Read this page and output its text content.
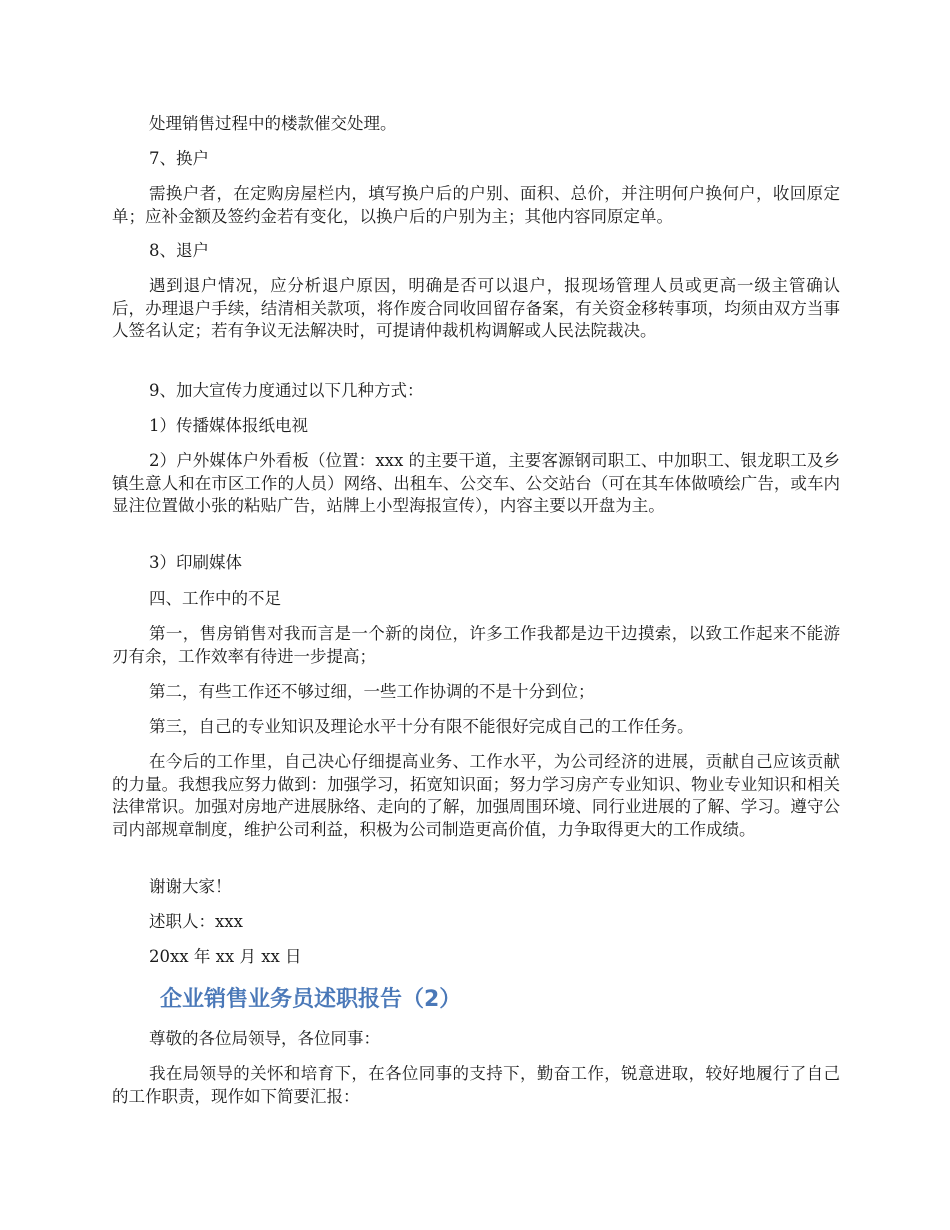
处理销售过程中的楼款催交处理。

7、换户

需换户者，在定购房屋栏内，填写换户后的户别、面积、总价，并注明何户换何户，收回原定单；应补金额及签约金若有变化，以换户后的户别为主；其他内容同原定单。

8、退户

遇到退户情况，应分析退户原因，明确是否可以退户，报现场管理人员或更高一级主管确认后，办理退户手续，结清相关款项，将作废合同收回留存备案，有关资金移转事项，均须由双方当事人签名认定；若有争议无法解决时，可提请仲裁机构调解或人民法院裁决。

9、加大宣传力度通过以下几种方式：

1）传播媒体报纸电视

2）户外媒体户外看板（位置：xxx 的主要干道，主要客源钢司职工、中加职工、银龙职工及乡镇生意人和在市区工作的人员）网络、出租车、公交车、公交站台（可在其车体做喷绘广告，或车内显注位置做小张的粘贴广告，站牌上小型海报宣传），内容主要以开盘为主。

3）印刷媒体

四、工作中的不足

第一，售房销售对我而言是一个新的岗位，许多工作我都是边干边摸索，以致工作起来不能游刃有余，工作效率有待进一步提高；

第二，有些工作还不够过细，一些工作协调的不是十分到位；

第三，自己的专业知识及理论水平十分有限不能很好完成自己的工作任务。

在今后的工作里，自己决心仔细提高业务、工作水平，为公司经济的进展，贡献自己应该贡献的力量。我想我应努力做到：加强学习，拓宽知识面；努力学习房产专业知识、物业专业知识和相关法律常识。加强对房地产进展脉络、走向的了解，加强周围环境、同行业进展的了解、学习。遵守公司内部规章制度，维护公司利益，积极为公司制造更高价值，力争取得更大的工作成绩。

谢谢大家！

述职人：xxx

20xx 年 xx 月 xx 日

企业销售业务员述职报告（2）

尊敬的各位局领导，各位同事：

我在局领导的关怀和培育下，在各位同事的支持下，勤奋工作，锐意进取，较好地履行了自己的工作职责，现作如下简要汇报：
